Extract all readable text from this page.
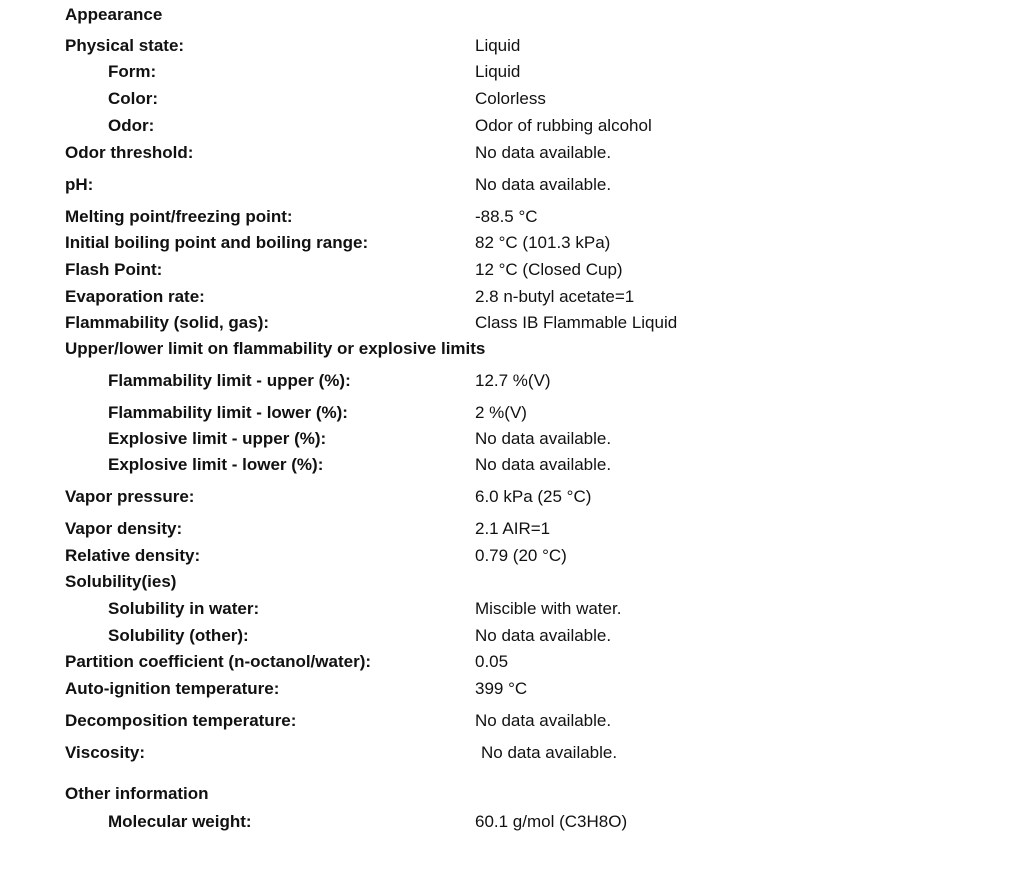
Appearance
Physical state:	Liquid
Form:	Liquid
Color:	Colorless
Odor:	Odor of rubbing alcohol
Odor threshold:	No data available.
pH:	No data available.
Melting point/freezing point:	-88.5 °C
Initial boiling point and boiling range:	82 °C (101.3 kPa)
Flash Point:	12 °C (Closed Cup)
Evaporation rate:	2.8 n-butyl acetate=1
Flammability (solid, gas):	Class IB Flammable Liquid
Upper/lower limit on flammability or explosive limits
Flammability limit - upper (%):	12.7 %(V)
Flammability limit - lower (%):	2 %(V)
Explosive limit - upper (%):	No data available.
Explosive limit - lower (%):	No data available.
Vapor pressure:	6.0 kPa (25 °C)
Vapor density:	2.1 AIR=1
Relative density:	0.79 (20 °C)
Solubility(ies)
Solubility in water:	Miscible with water.
Solubility (other):	No data available.
Partition coefficient (n-octanol/water):	0.05
Auto-ignition temperature:	399 °C
Decomposition temperature:	No data available.
Viscosity:	No data available.
Other information
Molecular weight:	60.1 g/mol (C3H8O)
